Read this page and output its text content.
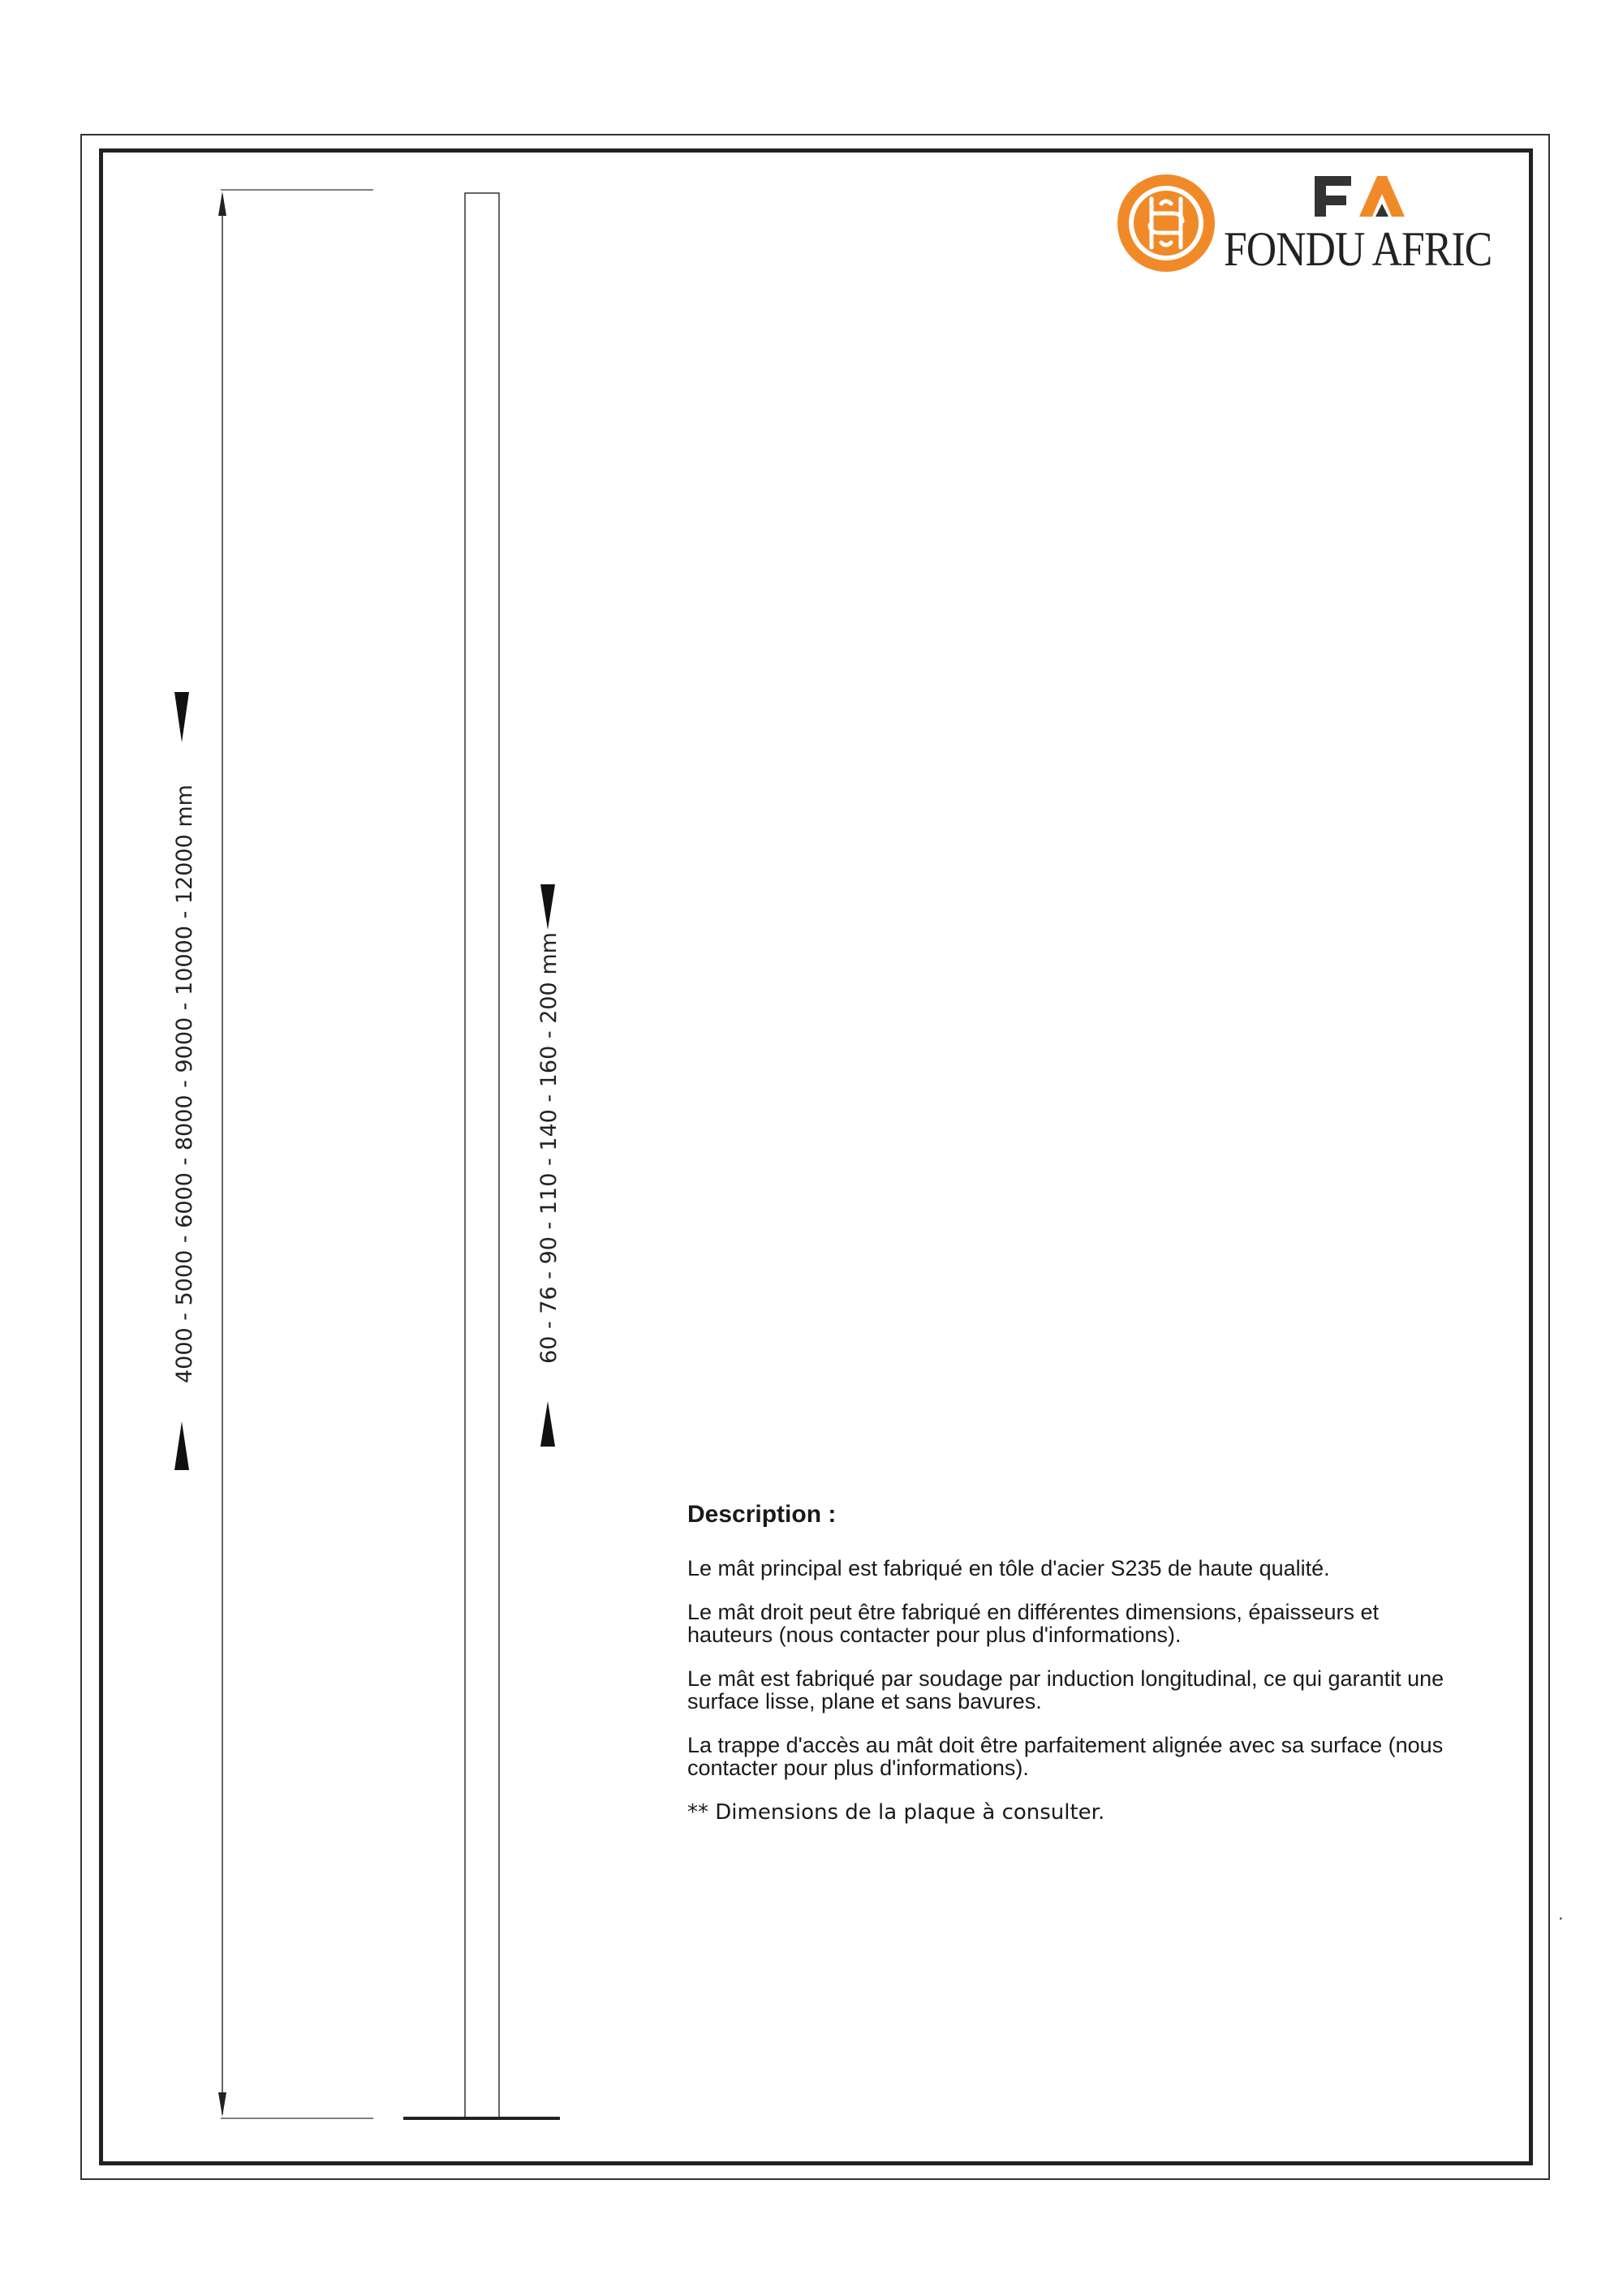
4000 - 5000 - 6000 - 8000 - 9000 - 10000 - 12000 mm	60 - 76 - 90 - 110 - 140 - 160 - 200 mm
FONDU AFRIC
Description :

Le mât principal est fabriqué en tôle d'acier S235 de haute qualité.

Le mât droit peut être fabriqué en différentes dimensions, épaisseurs et hauteurs (nous contacter pour plus d'informations).

Le mât est fabriqué par soudage par induction longitudinal, ce qui garantit une surface lisse, plane et sans bavures.

La trappe d'accès au mât doit être parfaitement alignée avec sa surface (nous contacter pour plus d'informations).

** Dimensions de la plaque à consulter.

.
